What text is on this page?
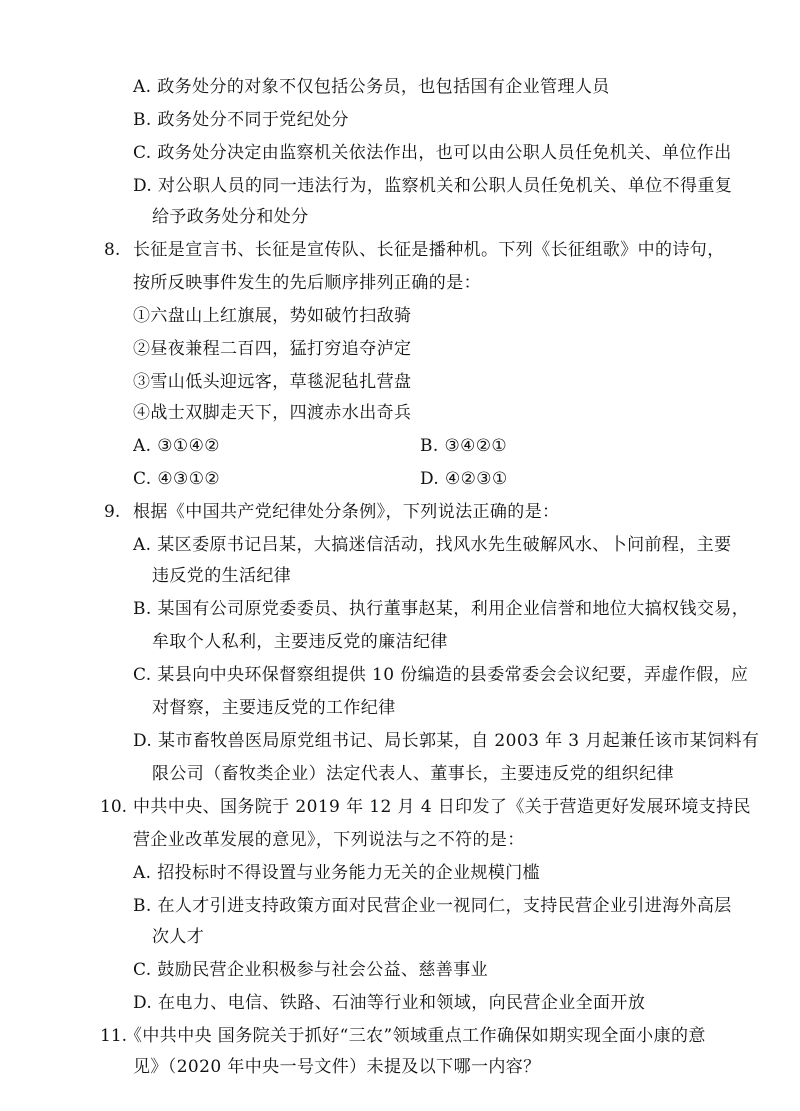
A. 政务处分的对象不仅包括公务员，也包括国有企业管理人员
B. 政务处分不同于党纪处分
C. 政务处分决定由监察机关依法作出，也可以由公职人员任免机关、单位作出
D. 对公职人员的同一违法行为，监察机关和公职人员任免机关、单位不得重复
给予政务处分和处分
8. 长征是宣言书、长征是宣传队、长征是播种机。下列《长征组歌》中的诗句，
按所反映事件发生的先后顺序排列正确的是：
①六盘山上红旗展，势如破竹扫敌骑
②昼夜兼程二百四，猛打穷追夺泸定
③雪山低头迎远客，草毯泥毡扎营盘
④战士双脚走天下，四渡赤水出奇兵
A. ③①④②	B. ③④②①
C. ④③①②	D. ④②③①
9. 根据《中国共产党纪律处分条例》，下列说法正确的是：
A. 某区委原书记吕某，大搞迷信活动，找风水先生破解风水、卜问前程，主要
违反党的生活纪律
B. 某国有公司原党委委员、执行董事赵某，利用企业信誉和地位大搞权钱交易，
牟取个人私利，主要违反党的廉洁纪律
C. 某县向中央环保督察组提供 10 份编造的县委常委会会议纪要，弄虚作假，应
对督察，主要违反党的工作纪律
D. 某市畜牧兽医局原党组书记、局长郭某，自 2003 年 3 月起兼任该市某饲料有
限公司（畜牧类企业）法定代表人、董事长，主要违反党的组织纪律
10. 中共中央、国务院于 2019 年 12 月 4 日印发了《关于营造更好发展环境支持民
营企业改革发展的意见》，下列说法与之不符的是：
A. 招投标时不得设置与业务能力无关的企业规模门槛
B. 在人才引进支持政策方面对民营企业一视同仁，支持民营企业引进海外高层
次人才
C. 鼓励民营企业积极参与社会公益、慈善事业
D. 在电力、电信、铁路、石油等行业和领域，向民营企业全面开放
11.
《中共中央 国务院关于抓好“三农”领域重点工作确保如期实现全面小康的意
见》（2020 年中央一号文件）未提及以下哪一内容？
